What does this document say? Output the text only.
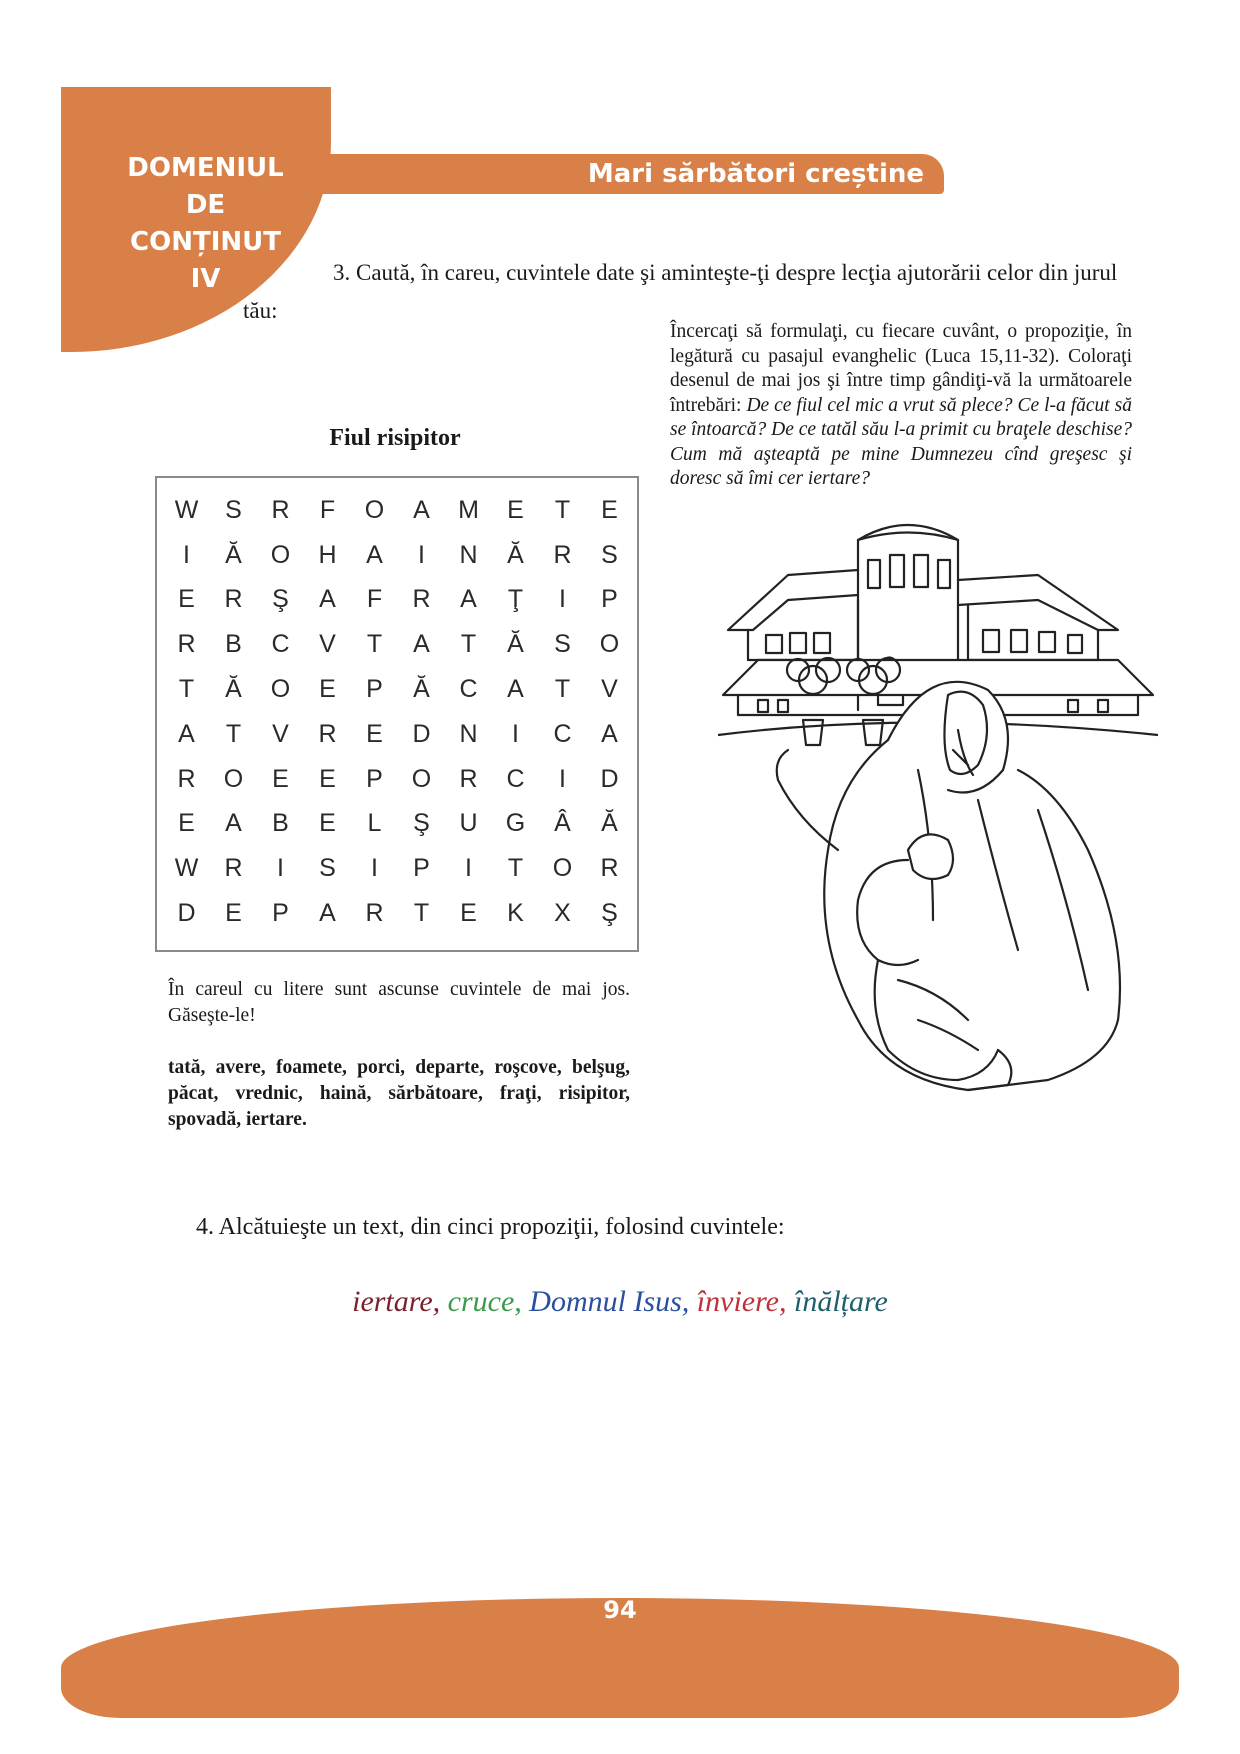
DOMENIUL
DE
CONȚINUT
IV
Mari sărbători creștine
3. Caută, în careu, cuvintele date şi aminteşte-ţi despre lecţia ajutorării celor din jurul tău:
Încercaţi să formulaţi, cu fiecare cuvânt, o propoziţie, în legătură cu pasajul evanghelic (Luca 15,11-32). Coloraţi desenul de mai jos şi între timp gândiţi-vă la următoarele întrebări: De ce fiul cel mic a vrut să plece? Ce l-a făcut să se întoarcă? De ce tatăl său l-a primit cu braţele deschise? Cum mă aşteaptă pe mine Dumnezeu cînd greşesc şi doresc să îmi cer iertare?
Fiul risipitor
W	S	R	F	O	A	M	E	T	E
I	Ă	O	H	A	I	N	Ă	R	S
E	R	Ş	A	F	R	A	Ţ	I	P
R	B	C	V	T	A	T	Ă	S	O
T	Ă	O	E	P	Ă	C	A	T	V
A	T	V	R	E	D	N	I	C	A
R	O	E	E	P	O	R	C	I	D
E	A	B	E	L	Ş	U	G	Â	Ă
W	R	I	S	I	P	I	T	O	R
D	E	P	A	R	T	E	K	X	Ş
În careul cu litere sunt ascunse cuvintele de mai jos. Găseşte-le!
tată, avere, foamete, porci, departe, roşcove, belşug, păcat, vrednic, haină, sărbătoare, fraţi, risipitor, spovadă, iertare.
4. Alcătuieşte un text, din cinci propoziţii, folosind cuvintele:
iertare, cruce, Domnul Isus, înviere, înălțare
94
